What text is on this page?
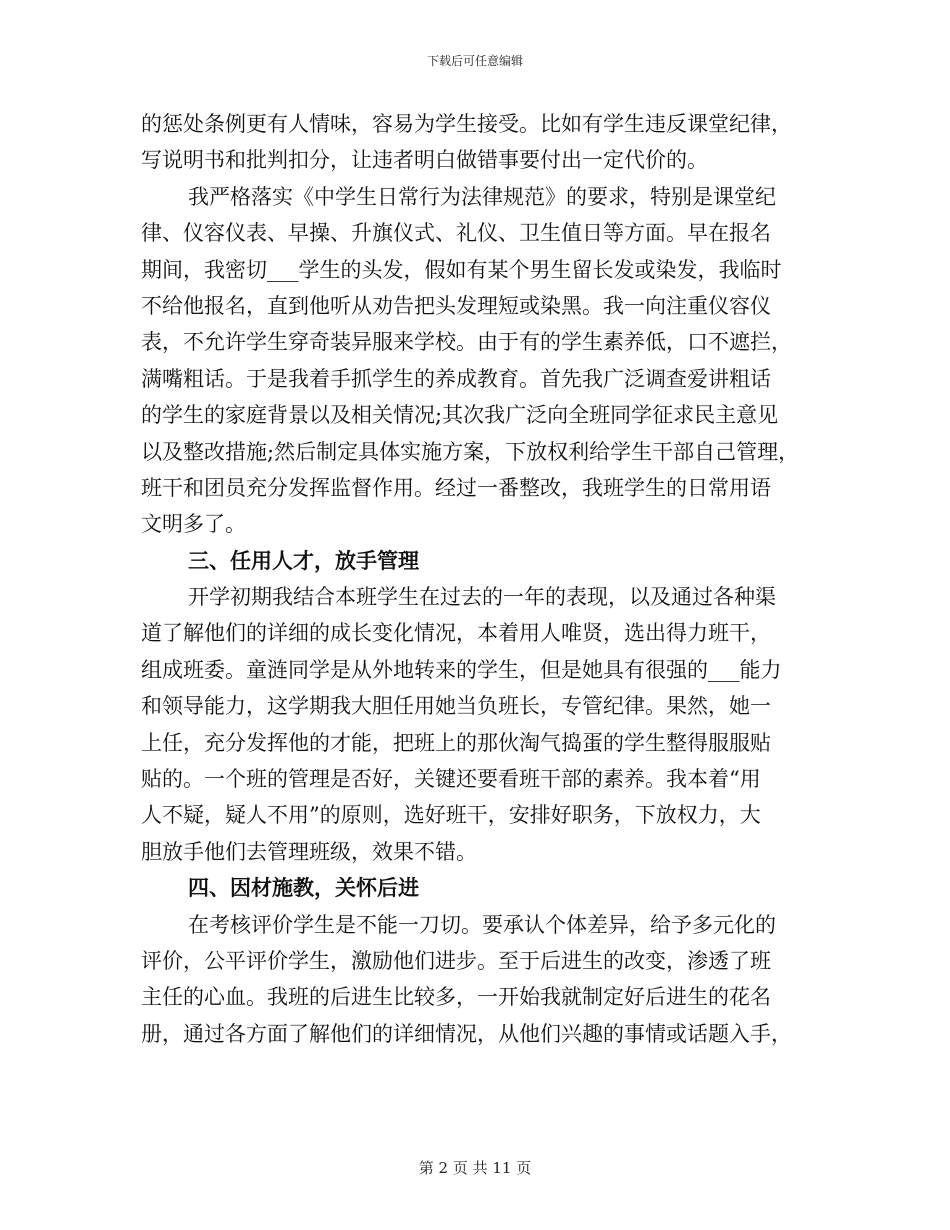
下载后可任意编辑
的惩处条例更有人情味，容易为学生接受。比如有学生违反课堂纪律，
写说明书和批判扣分，让违者明白做错事要付出一定代价的。
我严格落实《中学生日常行为法律规范》的要求，特别是课堂纪
律、仪容仪表、早操、升旗仪式、礼仪、卫生值日等方面。早在报名
期间，我密切___学生的头发，假如有某个男生留长发或染发，我临时
不给他报名，直到他听从劝告把头发理短或染黑。我一向注重仪容仪
表，不允许学生穿奇装异服来学校。由于有的学生素养低，口不遮拦，
满嘴粗话。于是我着手抓学生的养成教育。首先我广泛调查爱讲粗话
的学生的家庭背景以及相关情况;其次我广泛向全班同学征求民主意见
以及整改措施;然后制定具体实施方案，下放权利给学生干部自己管理，
班干和团员充分发挥监督作用。经过一番整改，我班学生的日常用语
文明多了。
三、任用人才，放手管理
开学初期我结合本班学生在过去的一年的表现，以及通过各种渠
道了解他们的详细的成长变化情况，本着用人唯贤，选出得力班干，
组成班委。童涟同学是从外地转来的学生，但是她具有很强的___能力
和领导能力，这学期我大胆任用她当负班长，专管纪律。果然，她一
上任，充分发挥他的才能，把班上的那伙淘气捣蛋的学生整得服服贴
贴的。一个班的管理是否好，关键还要看班干部的素养。我本着“用
人不疑，疑人不用”的原则，选好班干，安排好职务，下放权力，大
胆放手他们去管理班级，效果不错。
四、因材施教，关怀后进
在考核评价学生是不能一刀切。要承认个体差异，给予多元化的
评价，公平评价学生，激励他们进步。至于后进生的改变，渗透了班
主任的心血。我班的后进生比较多，一开始我就制定好后进生的花名
册，通过各方面了解他们的详细情况，从他们兴趣的事情或话题入手，
第 2 页 共 11 页
